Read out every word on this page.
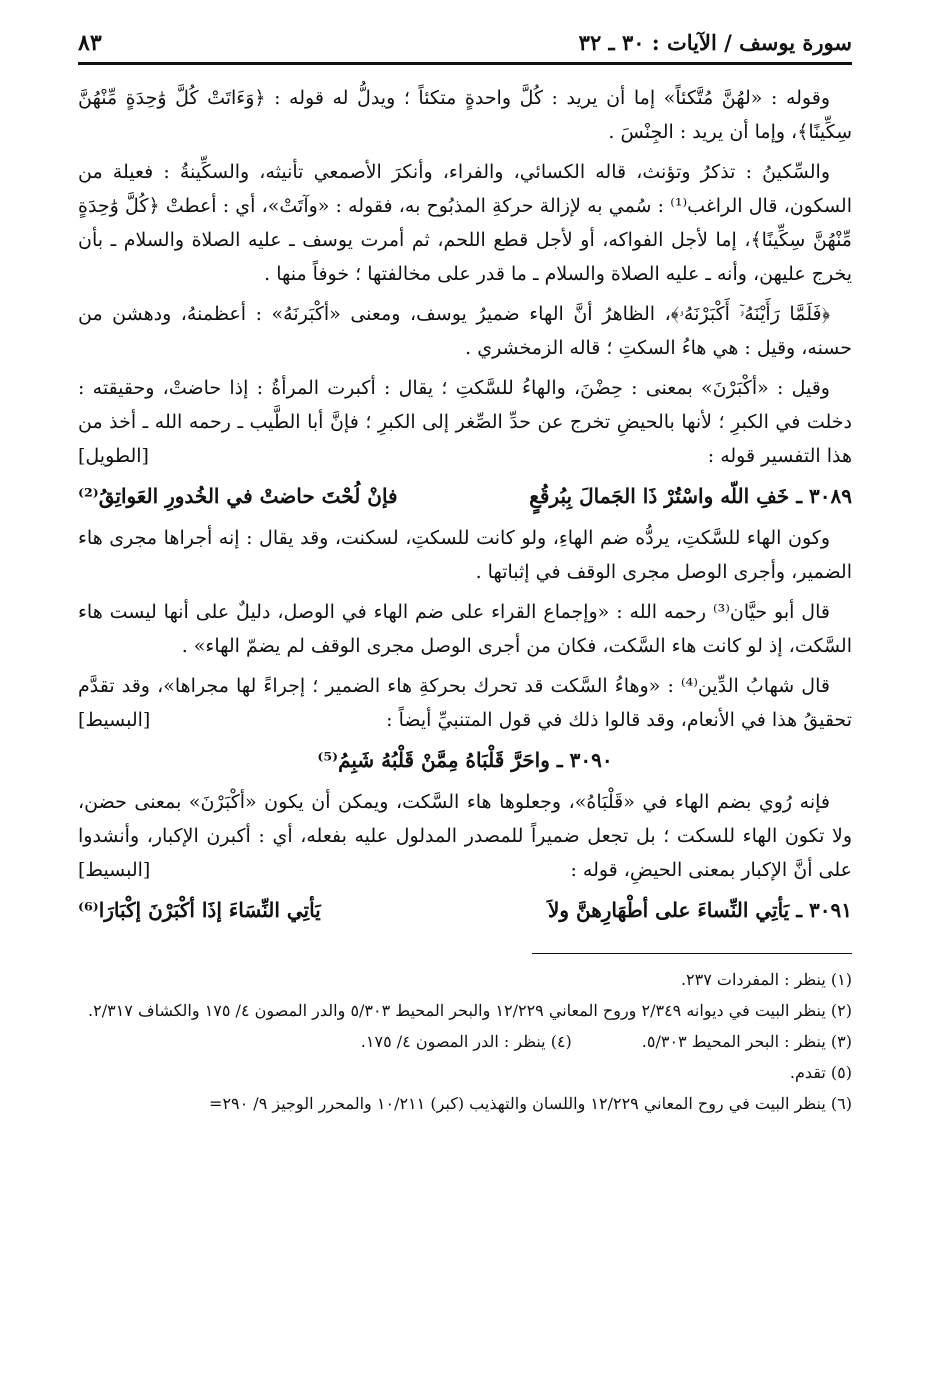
سورة يوسف / الآيات : ٣٠ ـ ٣٢
٨٣

وقوله : «لهُنَّ مُتَّكئاً» إما أن يريد : كُلَّ واحدةٍ متكئاً ؛ ويدلُّ له قوله : ﴿وَءَاتَتْ كُلَّ وَٰحِدَةٍ مِّنْهُنَّ سِكِّينًا﴾، وإما أن يريد : الجِنْسَ .

والسِّكينُ : تذكرُ وتؤنث، قاله الكسائي، والفراء، وأنكرَ الأصمعي تأنيثه، والسكِّينةُ : فعيلة من السكون، قال الراغب⁽¹⁾ : سُمي به لإزالة حركةِ المذبُوح به، فقوله : «وآتَتْ»، أي : أعطتْ ﴿كُلَّ وَٰحِدَةٍ مِّنْهُنَّ سِكِّينًا﴾، إما لأجل الفواكه، أو لأجل قطع اللحم، ثم أمرت يوسف ـ عليه الصلاة والسلام ـ بأن يخرج عليهن، وأنه ـ عليه الصلاة والسلام ـ ما قدر على مخالفتها ؛ خوفاً منها .

﴿فَلَمَّا رَأَيْنَهُۥٓ أَكْبَرْنَهُۥ﴾، الظاهرُ أنَّ الهاء ضميرُ يوسف، ومعنى «أكْبَرنَهُ» : أعظمنهُ، ودهشن من حسنه، وقيل : هي هاءُ السكتِ ؛ قاله الزمخشري .

وقيل : «أكْبَرْنَ» بمعنى : حِضْنَ، والهاءُ للسَّكتِ ؛ يقال : أكبرت المرأةُ : إذا حاضتْ، وحقيقته : دخلت في الكبرِ ؛ لأنها بالحيضِ تخرج عن حدِّ الصِّغر إلى الكبرِ ؛ فإنَّ أبا الطَّيب ـ رحمه الله ـ أخذ من هذا التفسير قوله :
[الطويل]

٣٠٨٩ ـ خَفِ اللّه واسْتُرْ ذَا الجَمالَ بِبُرقُعٍ
فإنْ لُحْتَ حاضتْ في الخُدورِ العَواتِقُ⁽²⁾

وكون الهاء للسَّكتِ، يردُّه ضم الهاءِ، ولو كانت للسكتِ، لسكنت، وقد يقال : إنه أجراها مجرى هاء الضمير، وأجرى الوصل مجرى الوقف في إثباتها .

قال أبو حيَّان⁽³⁾ رحمه الله : «وإجماع القراء على ضم الهاء في الوصل، دليلٌ على أنها ليست هاء السَّكت، إذ لو كانت هاء السَّكت، فكان من أجرى الوصل مجرى الوقف لم يضمّ الهاء» .

قال شهابُ الدِّين⁽⁴⁾ : «وهاءُ السَّكت قد تحرك بحركةِ هاء الضمير ؛ إجراءً لها مجراها»، وقد تقدَّم تحقيقُ هذا في الأنعام، وقد قالوا ذلك في قول المتنبيِّ أيضاً :
[البسيط]

٣٠٩٠ ـ واحَرَّ قَلْبَاهُ مِمَّنْ قَلْبُهُ شَبِمُ⁽⁵⁾

فإنه رُوي بضم الهاء في «قَلْبَاهُ»، وجعلوها هاء السَّكت، ويمكن أن يكون «أكْبَرْنَ» بمعنى حضن، ولا تكون الهاء للسكت ؛ بل تجعل ضميراً للمصدر المدلول عليه بفعله، أي : أكبرن الإكبار، وأنشدوا على أنَّ الإكبار بمعنى الحيضِ، قوله :
[البسيط]

٣٠٩١ ـ يَأتِي النِّساءَ على أطْهَارِهنَّ ولاَ
يَأتِي النِّسَاءَ إذَا أكْبَرْنَ إكْبَارَا⁽⁶⁾
(١) ينظر : المفردات ٢٣٧.
(٢) ينظر البيت في ديوانه ٢/٣٤٩ وروح المعاني ١٢/٢٢٩ والبحر المحيط ٥/٣٠٣ والدر المصون ٤/ ١٧٥ والكشاف ٢/٣١٧.
(٣) ينظر : البحر المحيط ٥/٣٠٣.
(٤) ينظر : الدر المصون ٤/ ١٧٥.
(٥) تقدم.
(٦) ينظر البيت في روح المعاني ١٢/٢٢٩ واللسان والتهذيب (كبر) ١٠/٢١١ والمحرر الوجيز ٩/ ٢٩٠=
